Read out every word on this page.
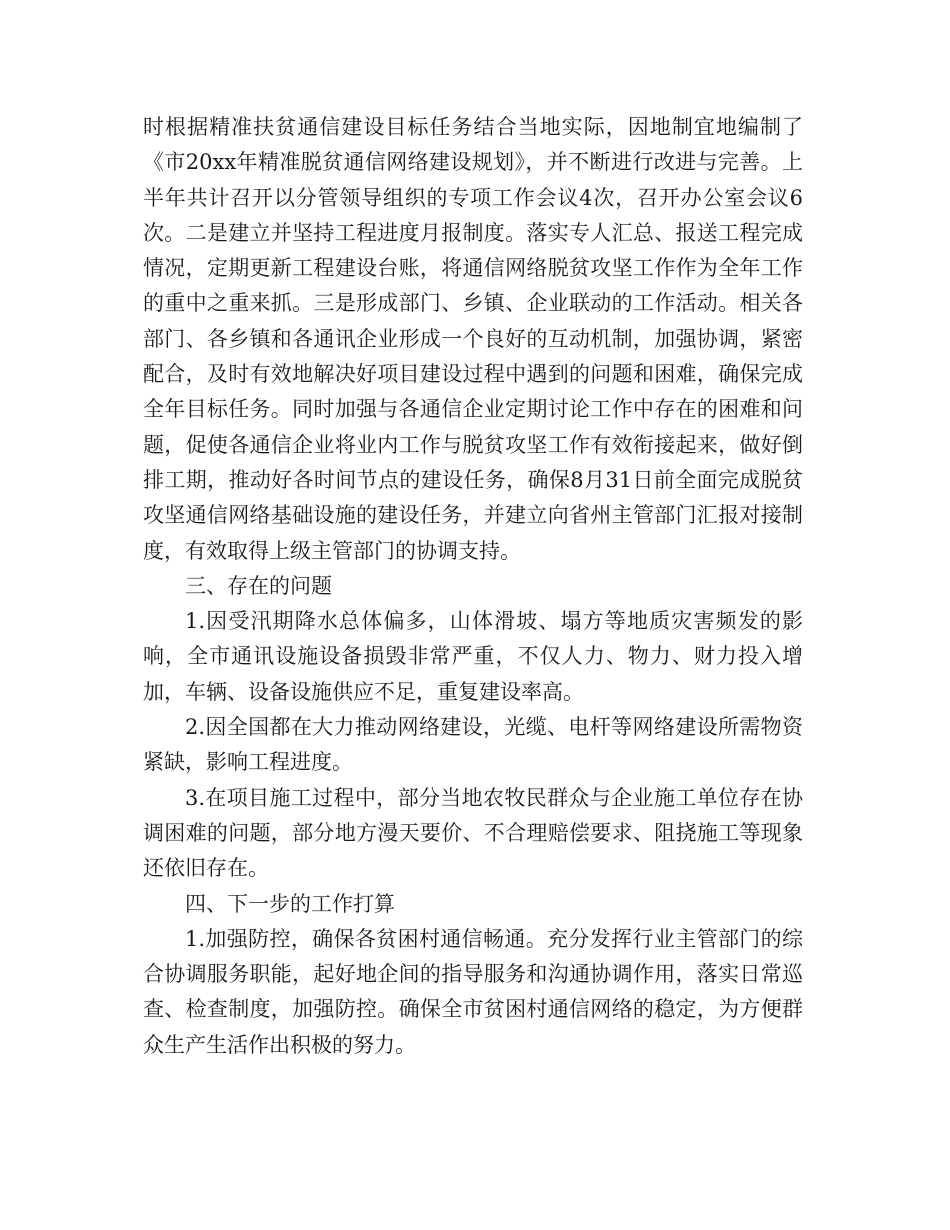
时根据精准扶贫通信建设目标任务结合当地实际，因地制宜地编制了《市20xx年精准脱贫通信网络建设规划》，并不断进行改进与完善。上半年共计召开以分管领导组织的专项工作会议4次，召开办公室会议6次。二是建立并坚持工程进度月报制度。落实专人汇总、报送工程完成情况，定期更新工程建设台账，将通信网络脱贫攻坚工作作为全年工作的重中之重来抓。三是形成部门、乡镇、企业联动的工作活动。相关各部门、各乡镇和各通讯企业形成一个良好的互动机制，加强协调，紧密配合，及时有效地解决好项目建设过程中遇到的问题和困难，确保完成全年目标任务。同时加强与各通信企业定期讨论工作中存在的困难和问题，促使各通信企业将业内工作与脱贫攻坚工作有效衔接起来，做好倒排工期，推动好各时间节点的建设任务，确保8月31日前全面完成脱贫攻坚通信网络基础设施的建设任务，并建立向省州主管部门汇报对接制度，有效取得上级主管部门的协调支持。

三、存在的问题

1.因受汛期降水总体偏多，山体滑坡、塌方等地质灾害频发的影响，全市通讯设施设备损毁非常严重，不仅人力、物力、财力投入增加，车辆、设备设施供应不足，重复建设率高。

2.因全国都在大力推动网络建设，光缆、电杆等网络建设所需物资紧缺，影响工程进度。

3.在项目施工过程中，部分当地农牧民群众与企业施工单位存在协调困难的问题，部分地方漫天要价、不合理赔偿要求、阻挠施工等现象还依旧存在。

四、下一步的工作打算

1.加强防控，确保各贫困村通信畅通。充分发挥行业主管部门的综合协调服务职能，起好地企间的指导服务和沟通协调作用，落实日常巡查、检查制度，加强防控。确保全市贫困村通信网络的稳定，为方便群众生产生活作出积极的努力。
